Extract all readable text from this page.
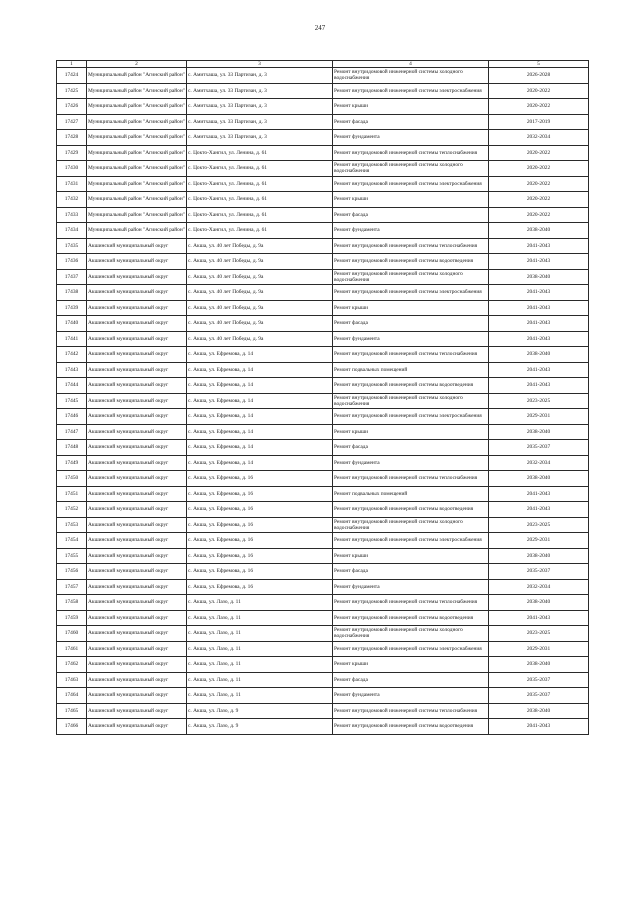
247
1	2	3	4	5
17424	Муниципальный район "Агинский район"	с. Амитхаша, ул. 33 Партизан, д. 3	Ремонт внутридомовой инженерной системы холодного водоснабжения	2026-2028
17425	Муниципальный район "Агинский район"	с. Амитхаша, ул. 33 Партизан, д. 3	Ремонт внутридомовой инженерной системы электроснабжения	2020-2022
17426	Муниципальный район "Агинский район"	с. Амитхаша, ул. 33 Партизан, д. 3	Ремонт крыши	2020-2022
17427	Муниципальный район "Агинский район"	с. Амитхаша, ул. 33 Партизан, д. 3	Ремонт фасада	2017-2019
17428	Муниципальный район "Агинский район"	с. Амитхаша, ул. 33 Партизан, д. 3	Ремонт фундамента	2032-2034
17429	Муниципальный район "Агинский район"	с. Цокто-Хангил, ул. Ленина, д. 61	Ремонт внутридомовой инженерной системы теплоснабжения	2020-2022
17430	Муниципальный район "Агинский район"	с. Цокто-Хангил, ул. Ленина, д. 61	Ремонт внутридомовой инженерной системы холодного водоснабжения	2020-2022
17431	Муниципальный район "Агинский район"	с. Цокто-Хангил, ул. Ленина, д. 61	Ремонт внутридомовой инженерной системы электроснабжения	2020-2022
17432	Муниципальный район "Агинский район"	с. Цокто-Хангил, ул. Ленина, д. 61	Ремонт крыши	2020-2022
17433	Муниципальный район "Агинский район"	с. Цокто-Хангил, ул. Ленина, д. 61	Ремонт фасада	2020-2022
17434	Муниципальный район "Агинский район"	с. Цокто-Хангил, ул. Ленина, д. 61	Ремонт фундамента	2038-2040
17435	Акшинский муниципальный округ	с. Акша, ул. 40 лет Победы, д. 9а	Ремонт внутридомовой инженерной системы теплоснабжения	2041-2043
17436	Акшинский муниципальный округ	с. Акша, ул. 40 лет Победы, д. 9а	Ремонт внутридомовой инженерной системы водоотведения	2041-2043
17437	Акшинский муниципальный округ	с. Акша, ул. 40 лет Победы, д. 9а	Ремонт внутридомовой инженерной системы холодного водоснабжения	2038-2040
17438	Акшинский муниципальный округ	с. Акша, ул. 40 лет Победы, д. 9а	Ремонт внутридомовой инженерной системы электроснабжения	2041-2043
17439	Акшинский муниципальный округ	с. Акша, ул. 40 лет Победы, д. 9а	Ремонт крыши	2041-2043
17440	Акшинский муниципальный округ	с. Акша, ул. 40 лет Победы, д. 9а	Ремонт фасада	2041-2043
17441	Акшинский муниципальный округ	с. Акша, ул. 40 лет Победы, д. 9а	Ремонт фундамента	2041-2043
17442	Акшинский муниципальный округ	с. Акша, ул. Ефремова, д. 14	Ремонт внутридомовой инженерной системы теплоснабжения	2038-2040
17443	Акшинский муниципальный округ	с. Акша, ул. Ефремова, д. 14	Ремонт подвальных помещений	2041-2043
17444	Акшинский муниципальный округ	с. Акша, ул. Ефремова, д. 14	Ремонт внутридомовой инженерной системы водоотведения	2041-2043
17445	Акшинский муниципальный округ	с. Акша, ул. Ефремова, д. 14	Ремонт внутридомовой инженерной системы холодного водоснабжения	2023-2025
17446	Акшинский муниципальный округ	с. Акша, ул. Ефремова, д. 14	Ремонт внутридомовой инженерной системы электроснабжения	2029-2031
17447	Акшинский муниципальный округ	с. Акша, ул. Ефремова, д. 14	Ремонт крыши	2038-2040
17448	Акшинский муниципальный округ	с. Акша, ул. Ефремова, д. 14	Ремонт фасада	2035-2037
17449	Акшинский муниципальный округ	с. Акша, ул. Ефремова, д. 14	Ремонт фундамента	2032-2034
17450	Акшинский муниципальный округ	с. Акша, ул. Ефремова, д. 16	Ремонт внутридомовой инженерной системы теплоснабжения	2038-2040
17451	Акшинский муниципальный округ	с. Акша, ул. Ефремова, д. 16	Ремонт подвальных помещений	2041-2043
17452	Акшинский муниципальный округ	с. Акша, ул. Ефремова, д. 16	Ремонт внутридомовой инженерной системы водоотведения	2041-2043
17453	Акшинский муниципальный округ	с. Акша, ул. Ефремова, д. 16	Ремонт внутридомовой инженерной системы холодного водоснабжения	2023-2025
17454	Акшинский муниципальный округ	с. Акша, ул. Ефремова, д. 16	Ремонт внутридомовой инженерной системы электроснабжения	2029-2031
17455	Акшинский муниципальный округ	с. Акша, ул. Ефремова, д. 16	Ремонт крыши	2038-2040
17456	Акшинский муниципальный округ	с. Акша, ул. Ефремова, д. 16	Ремонт фасада	2035-2037
17457	Акшинский муниципальный округ	с. Акша, ул. Ефремова, д. 16	Ремонт фундамента	2032-2034
17458	Акшинский муниципальный округ	с. Акша, ул. Лазо, д. 11	Ремонт внутридомовой инженерной системы теплоснабжения	2038-2040
17459	Акшинский муниципальный округ	с. Акша, ул. Лазо, д. 11	Ремонт внутридомовой инженерной системы водоотведения	2041-2043
17460	Акшинский муниципальный округ	с. Акша, ул. Лазо, д. 11	Ремонт внутридомовой инженерной системы холодного водоснабжения	2023-2025
17461	Акшинский муниципальный округ	с. Акша, ул. Лазо, д. 11	Ремонт внутридомовой инженерной системы электроснабжения	2029-2031
17462	Акшинский муниципальный округ	с. Акша, ул. Лазо, д. 11	Ремонт крыши	2038-2040
17463	Акшинский муниципальный округ	с. Акша, ул. Лазо, д. 11	Ремонт фасада	2035-2037
17464	Акшинский муниципальный округ	с. Акша, ул. Лазо, д. 11	Ремонт фундамента	2035-2037
17465	Акшинский муниципальный округ	с. Акша, ул. Лазо, д. 9	Ремонт внутридомовой инженерной системы теплоснабжения	2038-2040
17466	Акшинский муниципальный округ	с. Акша, ул. Лазо, д. 9	Ремонт внутридомовой инженерной системы водоотведения	2041-2043
